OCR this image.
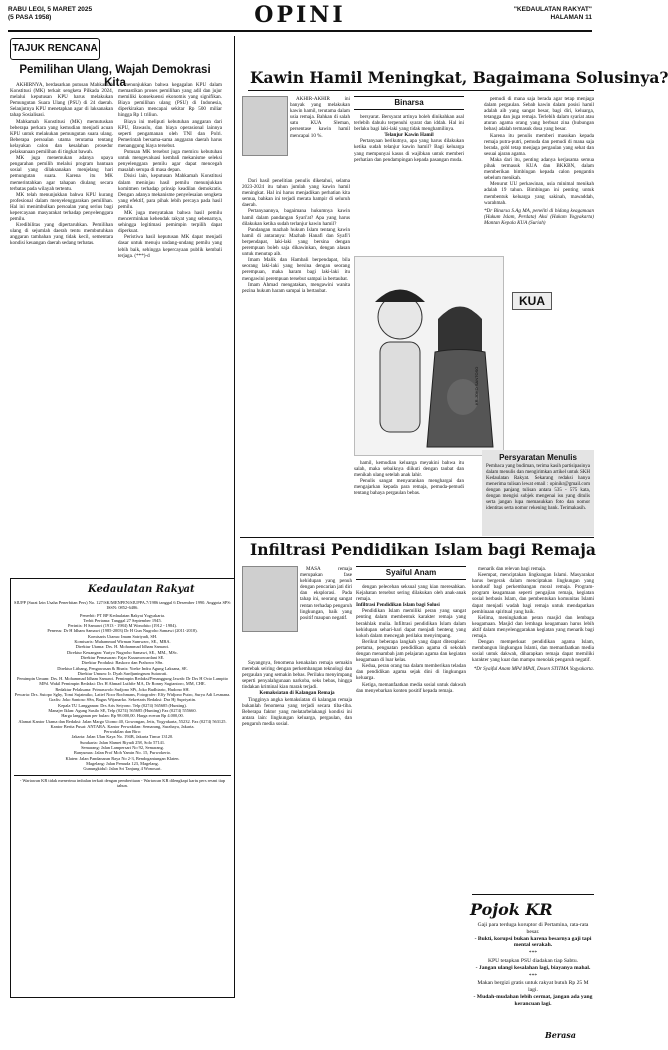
RABU LEGI, 5 MARET 2025
(5 PASA 1958)	OPINI	"KEDAULATAN RAKYAT"
HALAMAN 11
TAJUK RENCANA
Pemilihan Ulang, Wajah Demokrasi Kita

AKHIRNYA, berdasarkan putusan Mahkamah Konstitusi (MK) terkait sengketa Pilkada 2024, melalui keputusan KPU harus melakukan Pemungutan Suara Ulang (PSU) di 24 daerah. Selanjutnya KPU menetapkan agar di laksanakan tahap Sosialisasi.

Mahkamah Konstitusi (MK) memutuskan beberapa perkara yang kemudian menjadi acuan KPU untuk melakukan pemungutan suara ulang. Beberapa persoalan utama terutama tentang kelayakan calon dan kesalahan prosedur pelaksanaan pemilihan di tingkat bawah.

MK juga menemukan adanya upaya pengarahan pemilih melalui program bantuan sosial yang dilaksanakan menjelang hari pemungutan suara. Karena itu MK memerintahkan agar tahapan diulang secara terbatas pada wilayah tertentu.

MK telah menunjukkan bahwa KPU kurang profesional dalam menyelenggarakan pemilihan. Hal ini menimbulkan persoalan yang serius bagi kepercayaan masyarakat terhadap penyelenggara pemilu.

Kredibilitas yang dipertaruhkan. Pemilihan ulang di sejumlah daerah tentu membutuhkan anggaran tambahan yang tidak kecil, sementara kondisi keuangan daerah sedang terbatas.

menunjukkan bahwa kegagalan KPU dalam memastikan proses pemilihan yang adil dan jujur memiliki konsekuensi ekonomis yang signifikan. Biaya pemilihan ulang (PSU) di Indonesia, diperkirakan mencapai sekitar Rp 500 miliar hingga Rp 1 triliun.

Biaya ini meliputi kebutuhan anggaran dari KPU, Bawaslu, dan biaya operasional lainnya seperti pengamanan oleh TNI dan Polri. Pemerintah bersama-sama anggaran daerah harus menanggung biaya tersebut.

Putusan MK tersebut juga memicu kebutuhan untuk mengevaluasi kembali mekanisme seleksi penyelenggara pemilu agar dapat mencegah masalah serupa di masa depan.

Disisi lain, keputusan Mahkamah Konstitusi dalam meninjau hasil pemilu menunjukkan komitmen terhadap prinsip keadilan demokratis. Dengan adanya mekanisme penyelesaian sengketa yang efektif, para pihak lebih percaya pada hasil pemilu.

MK juga menyatakan bahwa hasil pemilu mencerminkan kehendak rakyat yang sebenarnya, sehingga legitimasi pemimpin terpilih dapat diperkuat.

Peristiwa hasil keputusan MK dapat menjadi dasar untuk menuju undang-undang pemilu yang lebih baik, sehingga kepercayaan publik kembali terjaga. (***)-d

Kawin Hamil Meningkat, Bagaimana Solusinya?

AKHIR-AKHIR ini banyak yang melakukan kawin hamil, terutama dalam usia remaja. Bahkan di salah satu KUA Sleman, persentase kawin hamil mencapai 10 %.

Dari hasil penelitian penulis diketahui, selama 2023-2024 itu tahun jumlah yang kawin hamil meningkat. Hal ini harus menjadikan perhatian kita semua, bahkan ini terjadi merata hampir di seluruh daerah.

Pertanyaannya, bagaimana hukumnya kawin hamil dalam pandangan Syari'at? Apa yang harus dilakukan ketika sudah terlanjur kawin hamil?

Pandangan mazhab hukum Islam tentang kawin hamil di antaranya: Mazhab Hanafi dan Syafi'i berpendapat, laki-laki yang bersina dengan perempuan boleh saja dikawinkan, dengan alasan untuk menutup aib.

Imam Malik dan Hambali berpendapat, bila seorang laki-laki yang bersina dengan seorang perempuan, maka haram bagi laki-laki itu mengawini perempuan tersebut sampai ia bertaubat.

Imam Ahmad mengatakan, mengawini wanita pezina hukum haram sampai ia bertaubat.

Binarsa

bersyarat. Bersyarat artinya boleh dinikahkan asal terlebih dahulu terpenuhi syarat dan iddah. Hal ini berlaku bagi laki-laki yang tidak menghamilinya.

Telanjur Kawin Hamil

Pertanyaan berikutnya, apa yang harus dilakukan ketika sudah telanjur kawin hamil? Bagi keluarga yang mempunyai kasus di wajibkan untuk memberi perhatian dan pendampingan kepada pasangan muda.

KUA
KR-JOKO SANTOSO

hamil, kemudian keluarga meyakini bahwa itu salah, maka sebaiknya diikuti dengan taubat dan menikah ulang setelah anak lahir.

Penulis sangat menyarankan menghargai dan mengajarkan kepada para remaja, pemuda-pemudi tentang bahaya pergaulan bebas.

pemudi di mana saja berada agar tetap menjaga dalam pergaulan. Sebab kawin dalam posisi hamil adalah aib yang sangat besar, bagi diri, keluarga, tetangga dan juga remaja. Terlebih dalam syariat atau aturan agama orang yang berbuat zina (hubungan bebas) adalah termasuk dosa yang besar.

Karena itu penulis memberi masukan kepada remaja putra-putri, pemuda dan pemudi di mana saja berada, gobl tetap menjaga pergaulan yang sehat dan sesuai ajaran agama.

Maka dari itu, penting adanya kerjasama semua pihak termasuk KUA dan BKKBN, dalam memberikan bimbingan kepada calon pengantin sebelum menikah.

Menurut UU perkawinan, usia minimal menikah adalah 19 tahun. Bimbingan ini penting untuk membentuk keluarga yang sakinah, mawaddah, warahmah.

*Dr Binarsa S.Ag MA, peneliti di bidang keagamaan (Hukum Islam, Perdata) Aksi (Hakam Yogyakarta) Mantan Kepala KUA (Suriah)

Persyaratan Menulis
Pembaca yang budiman, terima kasih partisipasinya dalam menulis dan mengirimkan artikel untuk SKH Kedaulatan Rakyat. Sekarang redaksi hanya menerima tulisan lewat email : opinikr@gmail.com dengan panjang tulisan antara 535 - 575 kata, dengan mengisi subjek mengenai isu yang ditulis serta jangan lupa memasukkan foto dan nomor identitas serta nomor rekening bank. Terimakasih.
Infiltrasi Pendidikan Islam bagi Remaja

MASA remaja merupakan fase kehidupan yang penuh dengan pencarian jati diri dan eksplorasi. Pada tahap ini, seorang sangat rentan terhadap pengaruh lingkungan, baik yang positif maupun negatif.

Sayangnya, fenomena kenakalan remaja semakin merebak seiring dengan perkembangan teknologi dan pergaulan yang semakin bebas. Perilaku menyimpang seperti penyalahgunaan narkoba, seks bebas, hingga tindakan kriminal kian marak terjadi.

Kemaksiatan di Kalangan Remaja

Tingginya angka kemaksiatan di kalangan remaja bukanlah fenomena yang terjadi secara tiba-tiba. Beberapa faktor yang melatarbelakangi kondisi ini antara lain: lingkungan keluarga, pergaulan, dan pengaruh media sosial.

Syaiful Anam

dengan pelecehan seksual yang kian meresahkan. Kejahatan tersebut sering dilakukan oleh anak-anak remaja.

Infiltrasi Pendidikan Islam bagi Solusi

Pendidikan Islam memiliki peran yang sangat penting dalam membentuk karakter remaja yang berakhlak mulia. Infiltrasi pendidikan Islam dalam kehidupan sehari-hari dapat menjadi benteng yang kokoh dalam mencegah perilaku menyimpang.

Berikut beberapa langkah yang dapat diterapkan: pertama, penguatan pendidikan agama di sekolah dengan menambah jam pelajaran agama dan kegiatan keagamaan di luar kelas.

Kedua, peran orang tua dalam memberikan teladan dan pendidikan agama sejak dini di lingkungan keluarga.

Ketiga, memanfaatkan media sosial untuk dakwah dan menyebarkan konten positif kepada remaja.

menarik dan relevan bagi remaja.

Keempat, menciptakan lingkungan Islami. Masyarakat harus bergerak dalam menciptakan lingkungan yang kondusif bagi perkembangan moral remaja. Program-program keagamaan seperti pengajian remaja, kegiatan sosial berbasis Islam, dan pembentukan komunitas Islami dapat menjadi wadah bagi remaja untuk mendapatkan pembinaan spiritual yang baik.

Kelima, meningkatkan peran masjid dan lembaga keagamaan. Masjid dan lembaga keagamaan harus lebih aktif dalam menyelenggarakan kegiatan yang menarik bagi remaja.

Dengan memperkuat pendidikan agama Islam, membangun lingkungan Islami, dan memanfaatkan media sosial untuk dakwah, diharapkan remaja dapat memiliki karakter yang kuat dan mampu menolak pengaruh negatif.

*Dr Syaiful Anam MPd MPdI, Dosen STITMA Yogyakarta.

Pojok KR
Gaji para terduga koruptor di Pertamina, rata-rata besar.
- Bukti, korupsi bukan karena besarnya gaji tapi mental serakah.
***
KPU tetapkan PSU diadakan tiap Sabtu.
- Jangan ulangi kesalahan lagi, biayanya mahal.
***
Makan bergizi gratis untuk rakyat butuh Rp 25 M lagi.
- Mudah-mudahan lebih cermat, jangan ada yang kerancuan lagi.
Berasa
Kedaulatan Rakyat
SIUPP (Surat Izin Usaha Penerbitan Pers) No. 127/SK/MENPEN/SIUPPA.7/1986 tanggal 6 Desember 1990. Anggota SPS: ISSN: 0852-6486.
Penerbit: PT BP Kedaulatan Rakyat Yogyakarta.
Terbit Pertama: Tanggal 27 September 1945.
Perintis: H Samawi (1913 - 1984) M Wonohito (1912 - 1984).
Penerus: Dr H Idham Samawi (1985-2003) Dr H Gun Nugroho Samawi (2011-2018).
Komisaris Utama: Imam Satriyadi, SH.
Komisaris: Muhammad Wirman Sumwarc, SE., MBA.
Direktur Utama: Drs. H. Mohammad Idham Samawi.
Direktur Keuangan: Yuriyo Nugroho Samawi, SE., MM., MSc.
Direktur Pemasaran: Fajar Kusumowardani SE.
Direktur Produksi: Baskoro dan Prahowo SSn.
Direktur Litbang, Pengawasan & Bisnis: Yoeke Indra Agung Laksana, SE.
Direktur Umum: Ir. Dyah Sardjuningrum Sutawati.
Pemimpin Umum: Drs. H. Mohammad Idham Samawi. Pemimpin Redaksi/Penanggung Jawab: Dr Drs H Octo Lampito MPd. Wakil Pemimpin Redaksi: Drs H Ahmad Luthfie MA, Dr Ronny Sugiantoro, MM, CHE.
Redaktur Pelaksana: Primaswolo Sudjono SPt, Joko Budhiarto, Hudono SH.
Pewarta: Drs. Sutopo Sghy, Tomi Sujatmiko, Latief Noor Rochmans, Fotografer: Effy Widjono Putro, Surya Adi Lesmana.
Grafis: Joko Santoso SSn, Bagus Wijanarko. Sekretaris Redaksi: Dra Hj Supriyatin.
Kepala TU Langganan: Drs Aris Setyono. Telp (0274) 565685 (Hunting).
Manajer Iklan: Agung Susilo SE, Telp (0274) 565685 (Hunting) Fax (0274) 555660.
Harga langganan per bulan: Rp 98.000,00. Harga eceran Rp 4.000,00.
Alamat Kantor Utama dan Redaksi: Jalan Margo Utomo 40, Gowongan, Jetis, Yogyakarta, 55232. Fax (0274) 563125.
Kantor Berita Pusat: ANTARA. Kantor Perwakilan: Semarang, Surabaya, Jakarta.
Perwakilan dan Biro:
Jakarta: Jalan Ulan Kaya No. 194B, Jakarta Timur 13120.
Surakarta: Jalan Slamet Riyadi 258, Solo 57141.
Semarang: Jalan Lampersari No 92, Semarang.
Banyumas: Jalan Prof Moh Yamin No. 15, Purwokerto.
Klaten: Jalan Pandanaran Raya No 2-3, Bendogantungan Klaten.
Magelang: Jalan Pemuda 123, Magelang.
Gunungkidul: Jalan Sri Tanjung 4 Wonosari.
- Wartawan KR tidak menerima imbalan terkait dengan pemberitaan - Wartawan KR dilengkapi kartu pers resmi tiap tahun.
